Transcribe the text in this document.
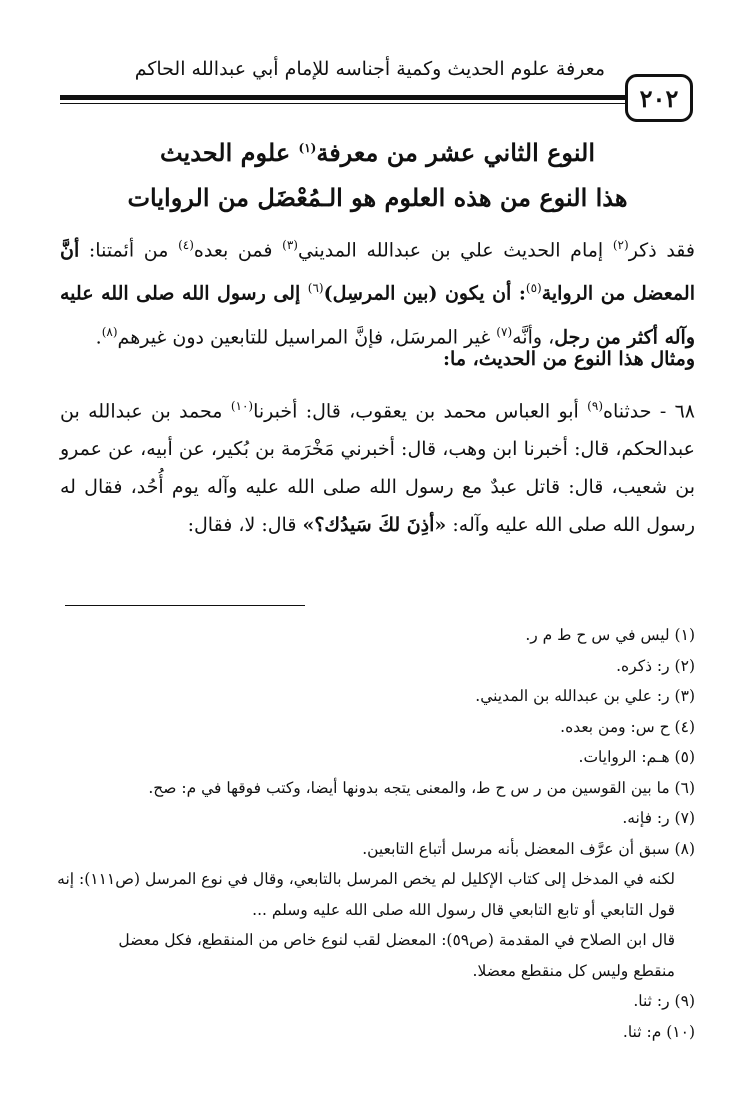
معرفة علوم الحديث وكمية أجناسه للإمام أبي عبدالله الحاكم
٢٠٢
النوع الثاني عشر من معرفة$^{(١)}$ علوم الحديث
هذا النوع من هذه العلوم هو الـمُعْضَل من الروايات
فقد ذكر$^{(٢)}$ إمام الحديث علي بن عبدالله المديني$^{(٣)}$ فمن بعده$^{(٤)}$ من أئمتنا: أنَّ المعضل من الرواية$^{(٥)}$: أن يكون (بين المرسِل)$^{(٦)}$ إلى رسول الله صلى الله عليه وآله أكثر من رجل، وأنَّه$^{(٧)}$ غير المرسَل، فإنَّ المراسيل للتابعين دون غيرهم$^{(٨)}$.
ومثال هذا النوع من الحديث، ما:
٦٨ - حدثناه$^{(٩)}$ أبو العباس محمد بن يعقوب، قال: أخبرنا$^{(١٠)}$ محمد بن عبدالله بن عبدالحكم، قال: أخبرنا ابن وهب، قال: أخبرني مَخْرَمة بن بُكير، عن أبيه، عن عمرو بن شعيب، قال: قاتل عبدٌ مع رسول الله صلى الله عليه وآله يوم أُحُد، فقال له رسول الله صلى الله عليه وآله: «أذِنَ لكَ سَيدُك؟» قال: لا، فقال:
(١) ليس في س ح ط م ر.
(٢) ر: ذكره.
(٣) ر: علي بن عبدالله بن المديني.
(٤) ح س: ومن بعده.
(٥) هـم: الروايات.
(٦) ما بين القوسين من ر س ح ط، والمعنى يتجه بدونها أيضا، وكتب فوقها في م: صح.
(٧) ر: فإنه.
(٨) سبق أن عرَّف المعضل بأنه مرسل أتباع التابعين.
لكنه في المدخل إلى كتاب الإكليل لم يخص المرسل بالتابعي، وقال في نوع المرسل (ص١١١): إنه
قول التابعي أو تابع التابعي قال رسول الله صلى الله عليه وسلم ...
قال ابن الصلاح في المقدمة (ص٥٩): المعضل لقب لنوع خاص من المنقطع، فكل معضل
منقطع وليس كل منقطع معضلا.
(٩) ر: ثنا.
(١٠) م: ثنا.
